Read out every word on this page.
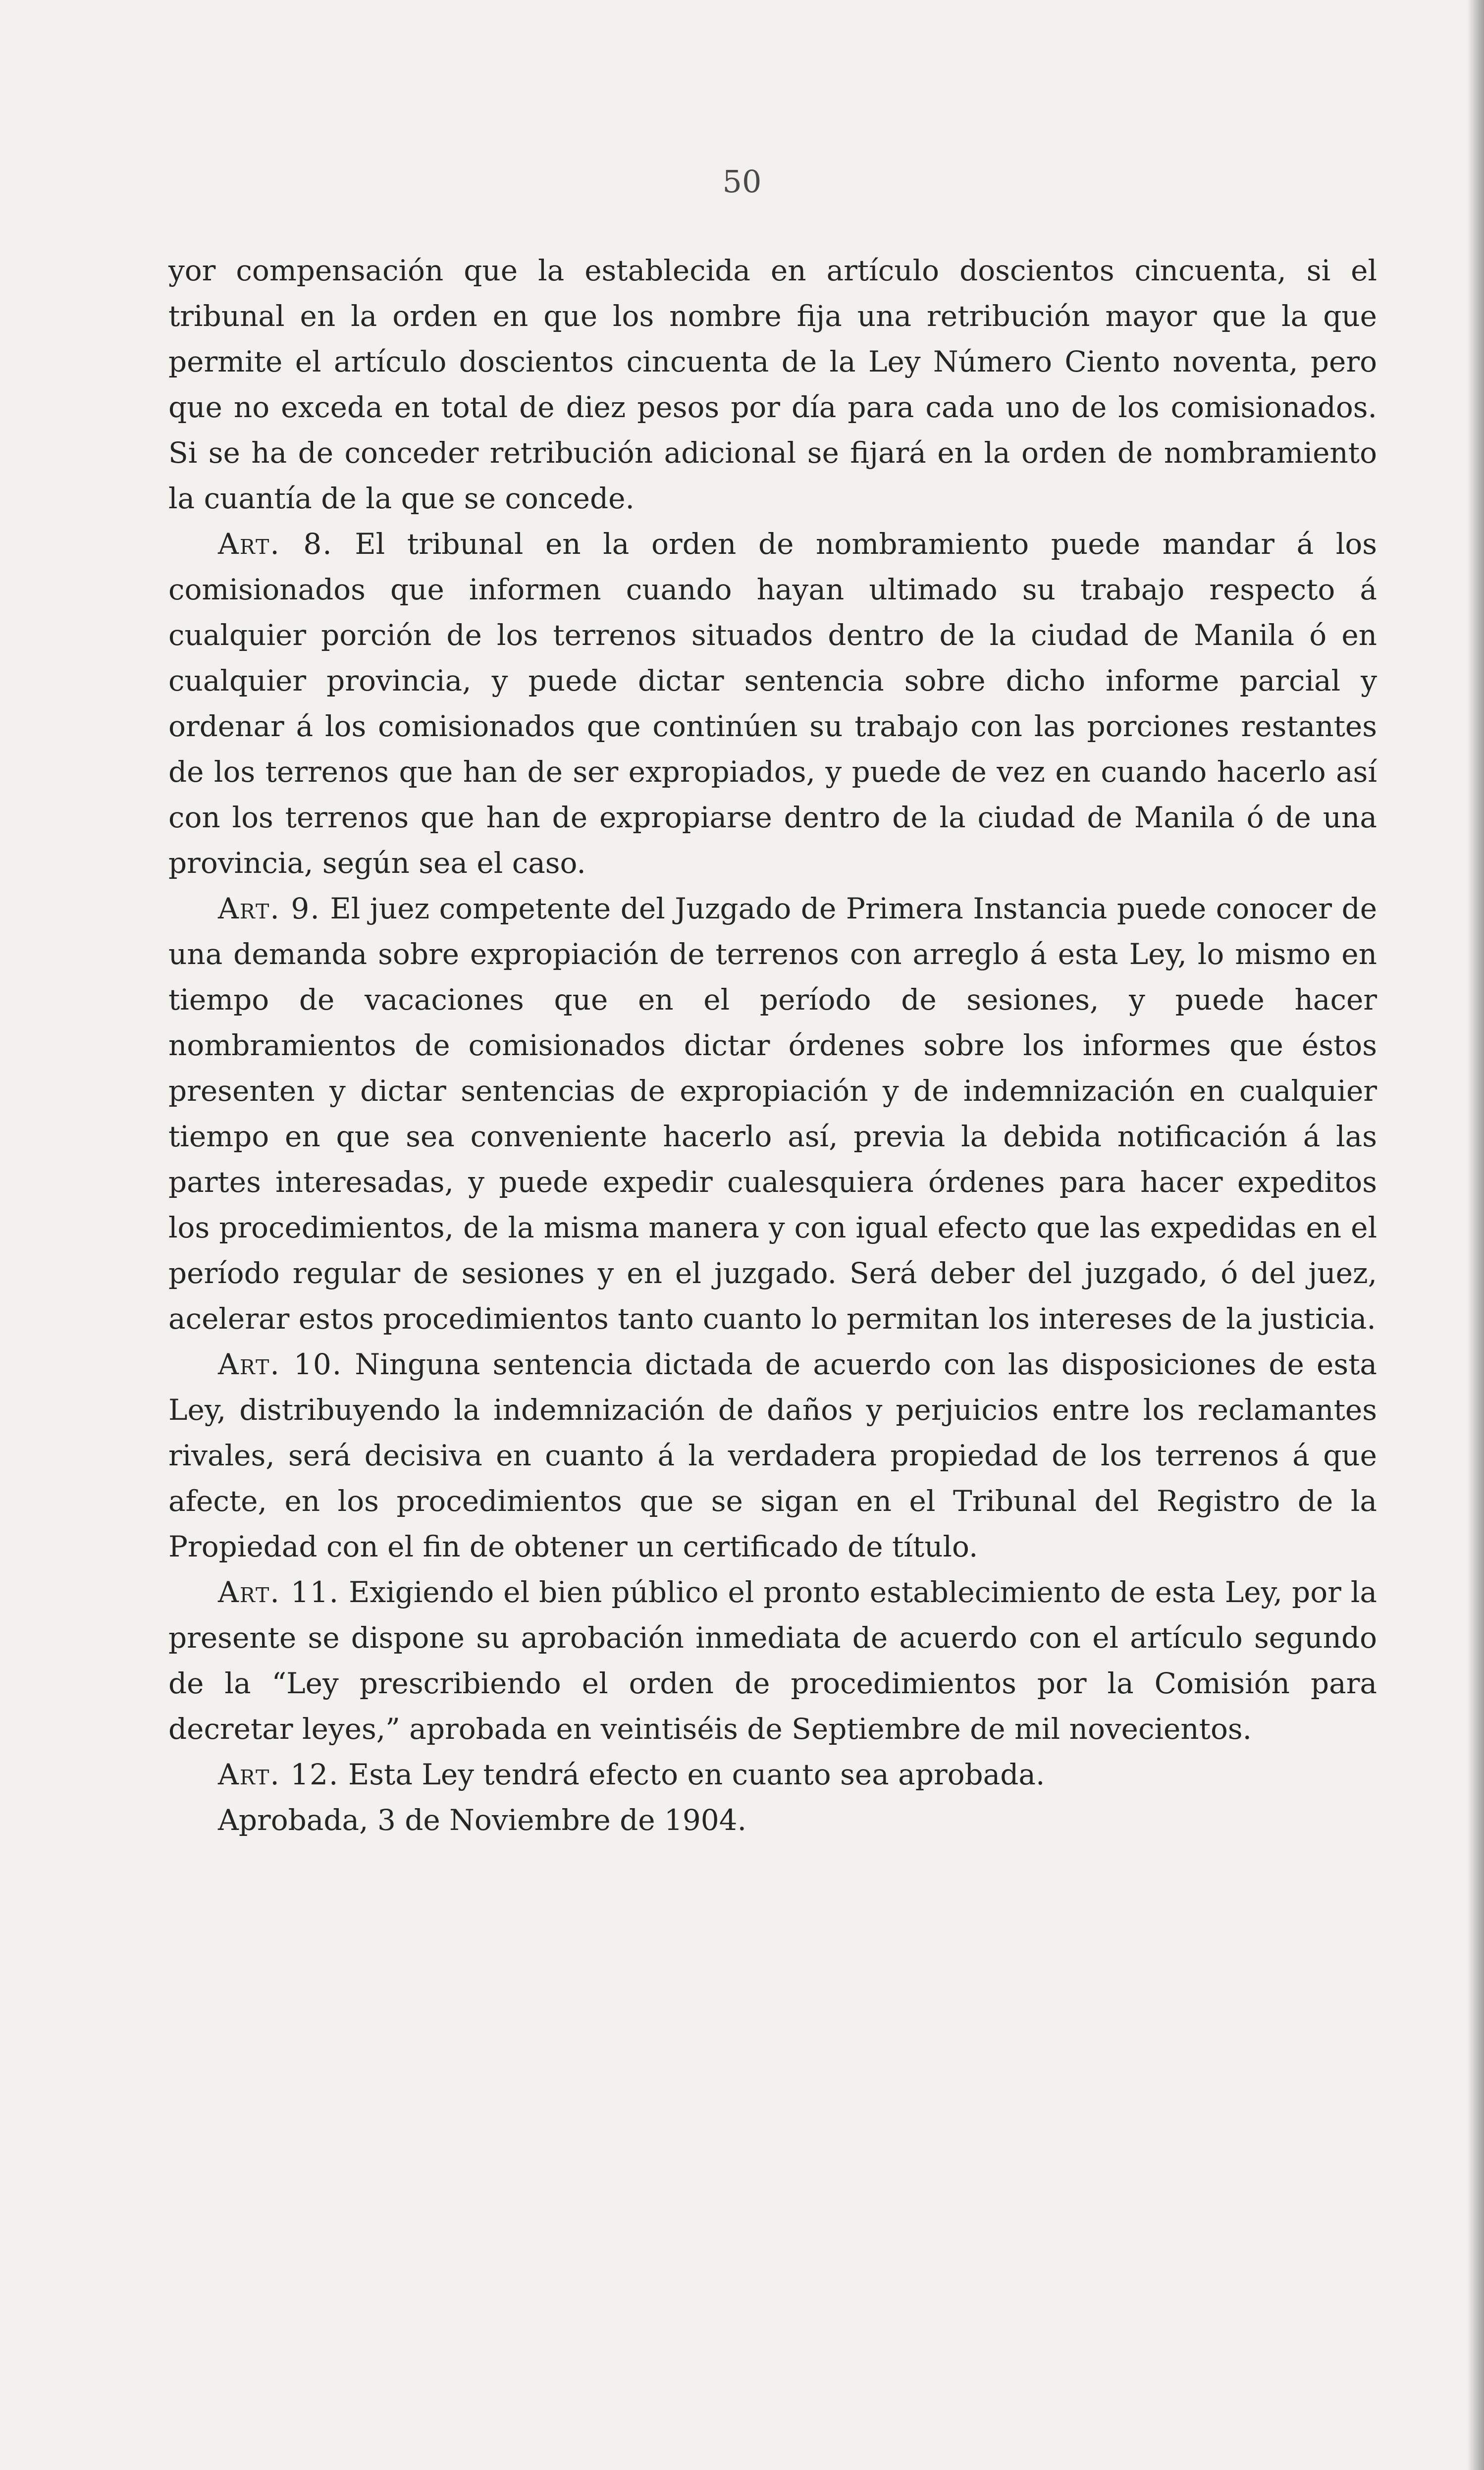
50

yor compensación que la establecida en artículo doscientos cincuenta, si el tribunal en la orden en que los nombre fija una retribución mayor que la que permite el artículo doscientos cincuenta de la Ley Número Ciento noventa, pero que no exceda en total de diez pesos por día para cada uno de los comisionados. Si se ha de conceder retribución adicional se fijará en la orden de nombramiento la cuantía de la que se concede.

Art. 8. El tribunal en la orden de nombramiento puede mandar á los comisionados que informen cuando hayan ultimado su trabajo respecto á cualquier porción de los terrenos situados dentro de la ciudad de Manila ó en cualquier provincia, y puede dictar sentencia sobre dicho informe parcial y ordenar á los comisionados que continúen su trabajo con las porciones restantes de los terrenos que han de ser expropiados, y puede de vez en cuando hacerlo así con los terrenos que han de expropiarse dentro de la ciudad de Manila ó de una provincia, según sea el caso.

Art. 9. El juez competente del Juzgado de Primera Instancia puede conocer de una demanda sobre expropiación de terrenos con arreglo á esta Ley, lo mismo en tiempo de vacaciones que en el período de sesiones, y puede hacer nombramientos de comisionados dictar órdenes sobre los informes que éstos presenten y dictar sentencias de expropiación y de indemnización en cualquier tiempo en que sea conveniente hacerlo así, previa la debida notificación á las partes interesadas, y puede expedir cualesquiera órdenes para hacer expeditos los procedimientos, de la misma manera y con igual efecto que las expedidas en el período regular de sesiones y en el juzgado. Será deber del juzgado, ó del juez, acelerar estos procedimientos tanto cuanto lo permitan los intereses de la justicia.

Art. 10. Ninguna sentencia dictada de acuerdo con las disposiciones de esta Ley, distribuyendo la indemnización de daños y perjuicios entre los reclamantes rivales, será decisiva en cuanto á la verdadera propiedad de los terrenos á que afecte, en los procedimientos que se sigan en el Tribunal del Registro de la Propiedad con el fin de obtener un certificado de título.

Art. 11. Exigiendo el bien público el pronto establecimiento de esta Ley, por la presente se dispone su aprobación inmediata de acuerdo con el artículo segundo de la “Ley prescribiendo el orden de procedimientos por la Comisión para decretar leyes,” aprobada en veintiséis de Septiembre de mil novecientos.

Art. 12. Esta Ley tendrá efecto en cuanto sea aprobada.

Aprobada, 3 de Noviembre de 1904.
